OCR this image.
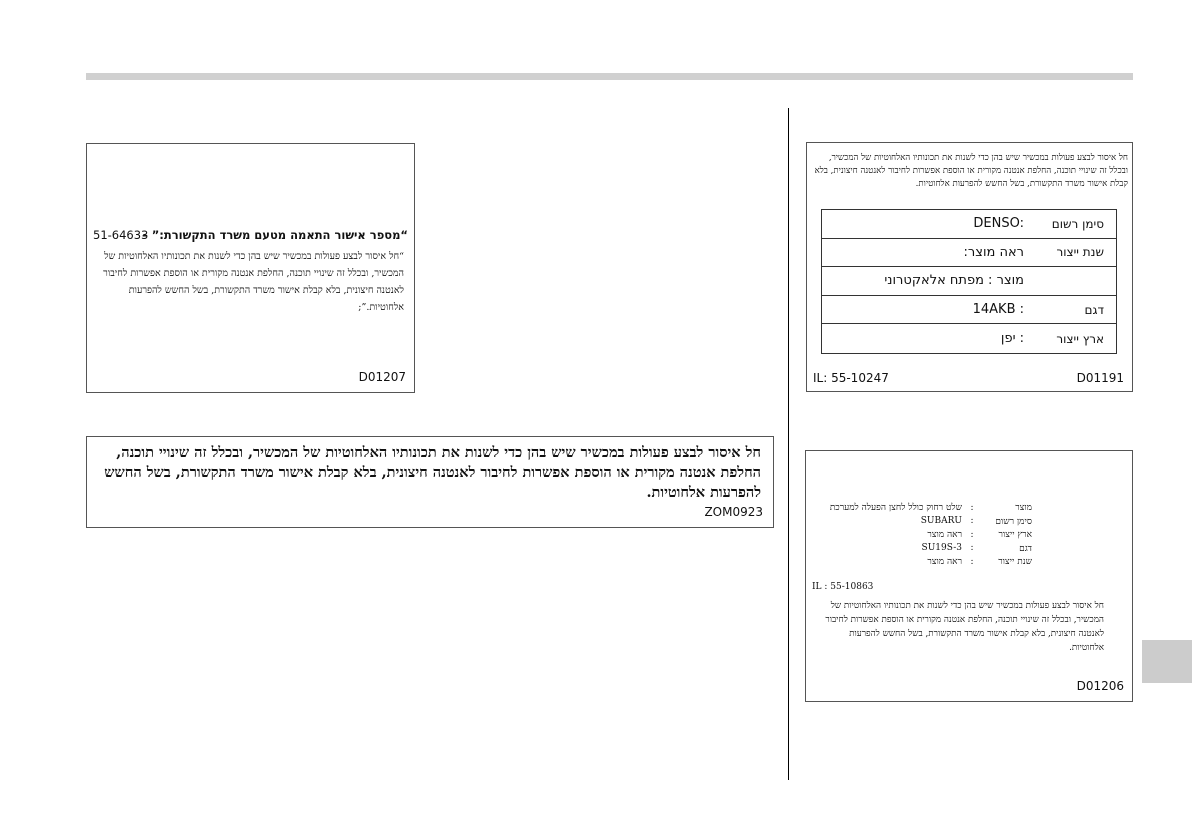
51-64633
“מספר אישור התאמה מטעם משרד התקשורת:” –
“חל איסור לבצע פעולות במכשיר שיש בהן כדי לשנות את תכונותיו האלחוטיות של המכשיר, ובכלל זה שינויי תוכנה, החלפת אנטנה מקורית או הוספת אפשרות לחיבור לאנטנה חיצונית, בלא קבלת אישור משרד התקשורת, בשל החשש להפרעות אלחוטיות.”;
D01207
חל איסור לבצע פעולות במכשיר שיש בהן כדי לשנות את תכונותיו האלחוטיות של המכשיר, ובכלל זה שינויי תוכנה, החלפת אנטנה מקורית או הוספת אפשרות לחיבור לאנטנה חיצונית, בלא קבלת אישור משרד התקשורת, בשל החשש להפרעות אלחוטיות.
ZOM0923
חל איסור לבצע פעולות במכשיר שיש בהן כדי לשנות את תכונותיו האלחוטיות של המכשיר, ובכלל זה שינויי תוכנה, החלפת אנטנה מקורית או הוספת אפשרות לחיבור לאנטנה חיצונית, בלא קבלת אישור משרד התקשורת, בשל החשש להפרעות אלחוטיות.
סימן רשום
DENSO:
שנת ייצור
:ראה מוצר
מוצר : מפתח אלאקטרוני
דגם
14AKB :
ארץ ייצור
יפן :
IL: 55-10247	D01191
מוצר
:
שלט רחוק כולל לחצן הפעלה למערכת
סימן רשום
:
SUBARU
ארץ ייצור
:
ראה מוצר
דגם
:
SU19S-3
שנת ייצור
:
ראה מוצר
IL : 55-10863
חל איסור לבצע פעולות במכשיר שיש בהן כדי לשנות את תכונותיו האלחוטיות של המכשיר, ובכלל זה שינויי תוכנה, החלפת אנטנה מקורית או הוספת אפשרות לחיבור לאנטנה חיצונית, בלא קבלת אישור משרד התקשורת, בשל החשש להפרעות אלחוטיות.
D01206
